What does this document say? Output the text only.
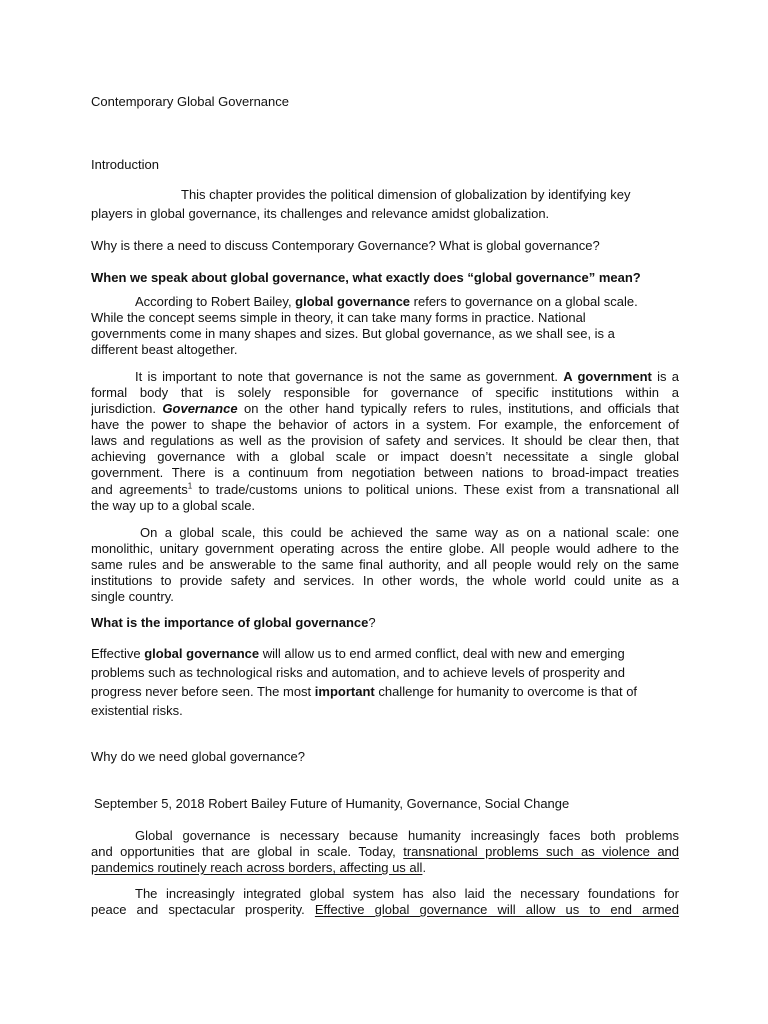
Contemporary Global Governance

Introduction

This chapter provides the political dimension of globalization by identifying key

players in global governance, its challenges and relevance amidst globalization.

Why is there a need to discuss Contemporary Governance? What is global governance?

When we speak about global governance, what exactly does “global governance” mean?

According to Robert Bailey, global governance refers to governance on a global scale.

While the concept seems simple in theory, it can take many forms in practice. National

governments come in many shapes and sizes. But global governance, as we shall see, is a

different beast altogether.

It is important to note that governance is not the same as government. A government is a

formal body that is solely responsible for governance of specific institutions within a

jurisdiction. Governance on the other hand typically refers to rules, institutions, and officials that

have the power to shape the behavior of actors in a system. For example, the enforcement of

laws and regulations as well as the provision of safety and services. It should be clear then, that

achieving governance with a global scale or impact doesn’t necessitate a single global

government. There is a continuum from negotiation between nations to broad-impact treaties

and agreements$^1$ to trade/customs unions to political unions. These exist from a transnational all

the way up to a global scale.

On a global scale, this could be achieved the same way as on a national scale: one

monolithic, unitary government operating across the entire globe. All people would adhere to the

same rules and be answerable to the same final authority, and all people would rely on the same

institutions to provide safety and services. In other words, the whole world could unite as a

single country.

What is the importance of global governance?

Effective global governance will allow us to end armed conflict, deal with new and emerging

problems such as technological risks and automation, and to achieve levels of prosperity and

progress never before seen. The most important challenge for humanity to overcome is that of

existential risks.

Why do we need global governance?

September 5, 2018 Robert Bailey Future of Humanity, Governance, Social Change

Global governance is necessary because humanity increasingly faces both problems

and opportunities that are global in scale. Today, transnational problems such as violence and

pandemics routinely reach across borders, affecting us all.

The increasingly integrated global system has also laid the necessary foundations for

peace and spectacular prosperity. Effective global governance will allow us to end armed
